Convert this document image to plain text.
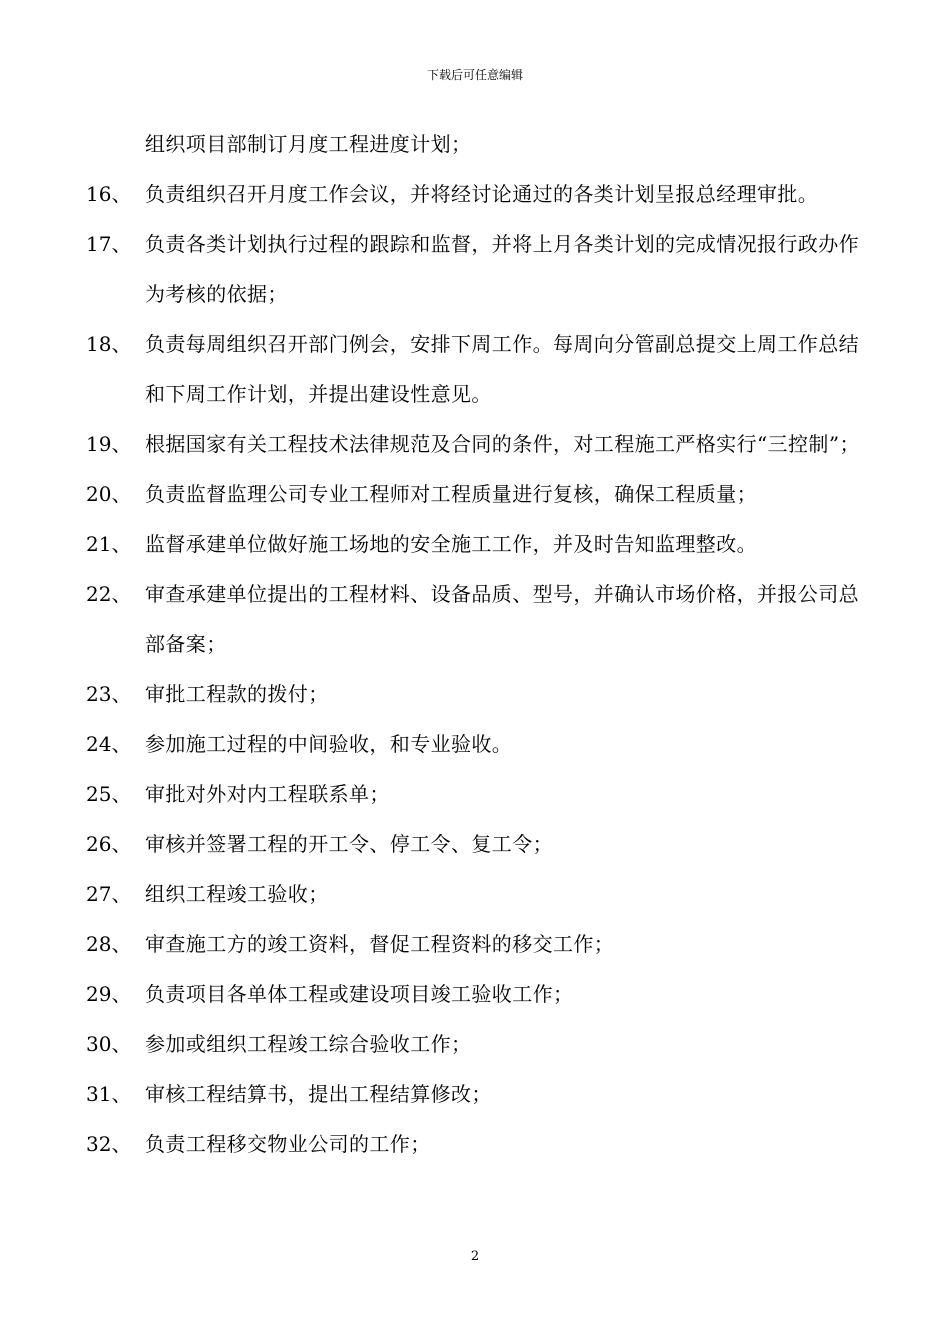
下载后可任意编辑
组织项目部制订月度工程进度计划；
16、 负责组织召开月度工作会议，并将经讨论通过的各类计划呈报总经理审批。
17、 负责各类计划执行过程的跟踪和监督，并将上月各类计划的完成情况报行政办作为考核的依据；
18、 负责每周组织召开部门例会，安排下周工作。每周向分管副总提交上周工作总结和下周工作计划，并提出建设性意见。
19、 根据国家有关工程技术法律规范及合同的条件，对工程施工严格实行“三控制”；
20、 负责监督监理公司专业工程师对工程质量进行复核，确保工程质量；
21、 监督承建单位做好施工场地的安全施工工作，并及时告知监理整改。
22、 审查承建单位提出的工程材料、设备品质、型号，并确认市场价格，并报公司总部备案；
23、 审批工程款的拨付；
24、 参加施工过程的中间验收，和专业验收。
25、 审批对外对内工程联系单；
26、 审核并签署工程的开工令、停工令、复工令；
27、 组织工程竣工验收；
28、 审查施工方的竣工资料，督促工程资料的移交工作；
29、 负责项目各单体工程或建设项目竣工验收工作；
30、 参加或组织工程竣工综合验收工作；
31、 审核工程结算书，提出工程结算修改；
32、 负责工程移交物业公司的工作；
2
